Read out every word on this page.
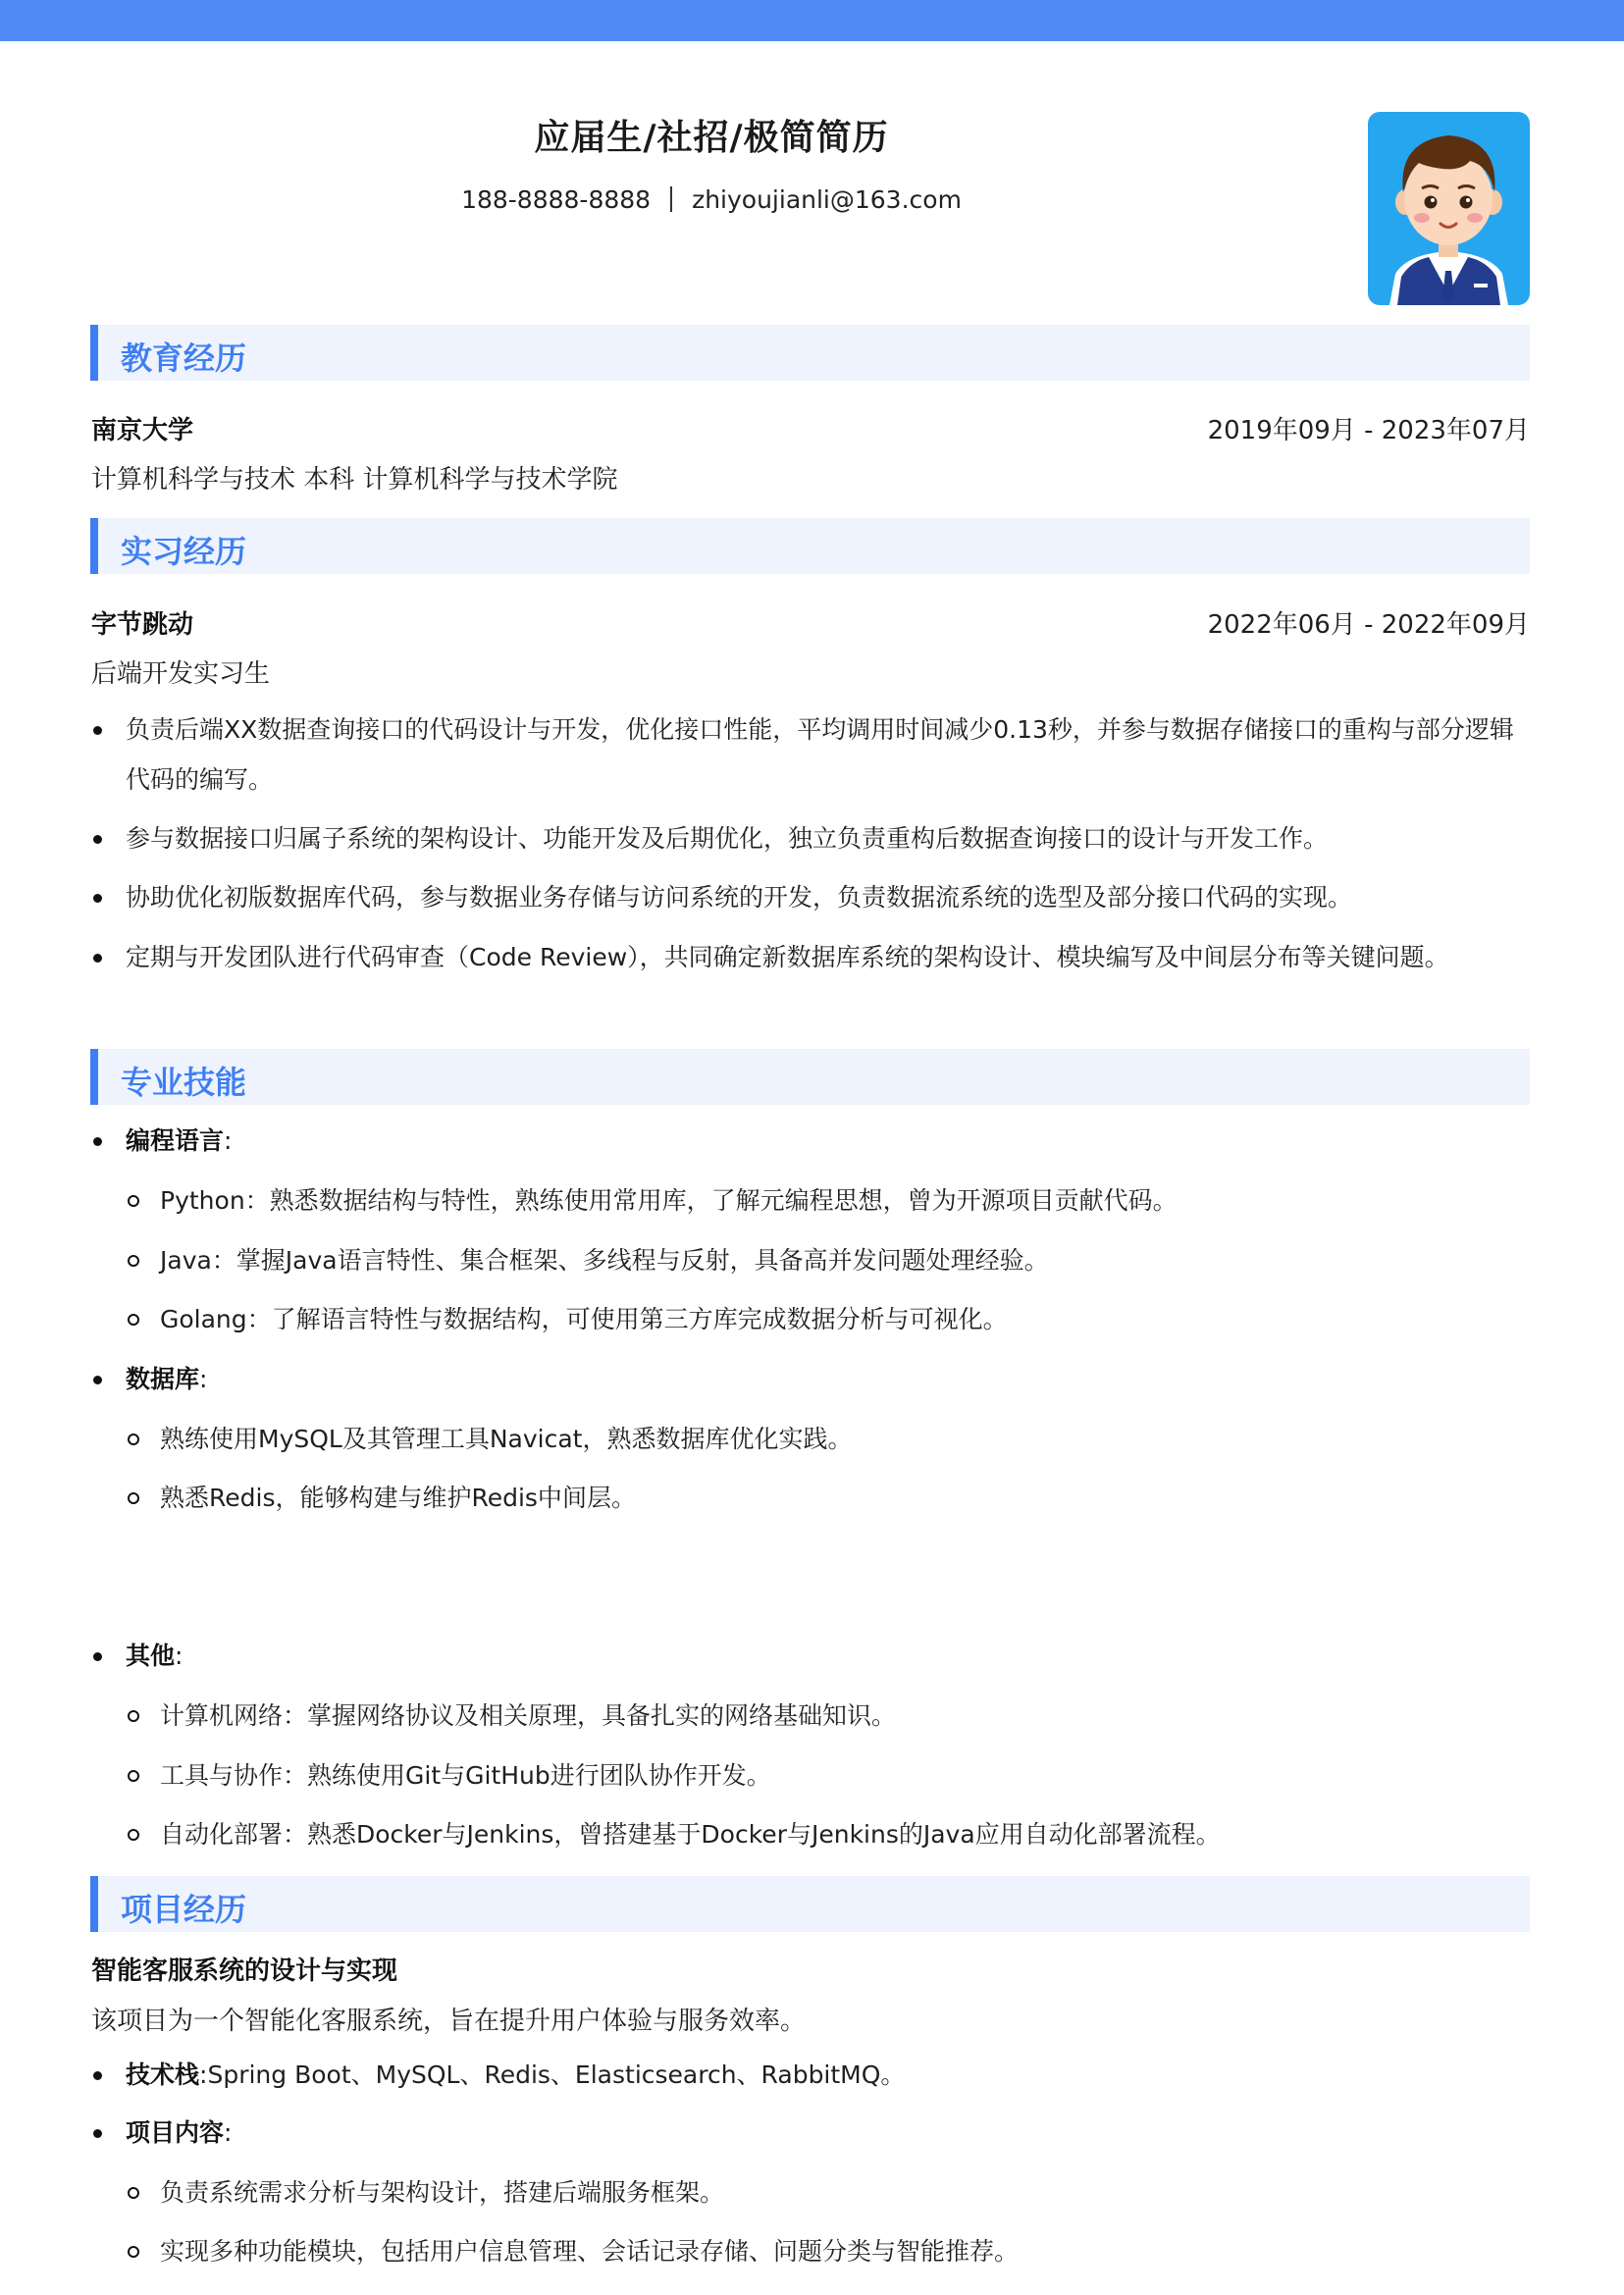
应届生/社招/极简简历
188-8888-8888 zhiyoujianli@163.com
教育经历
南京大学	2019年09月 - 2023年07月
计算机科学与技术 本科 计算机科学与技术学院
实习经历
字节跳动	2022年06月 - 2022年09月
后端开发实习生
负责后端XX数据查询接口的代码设计与开发，优化接口性能，平均调用时间减少0.13秒，并参与数据存储接口的重构与部分逻辑代码的编写。
参与数据接口归属子系统的架构设计、功能开发及后期优化，独立负责重构后数据查询接口的设计与开发工作。
协助优化初版数据库代码，参与数据业务存储与访问系统的开发，负责数据流系统的选型及部分接口代码的实现。
定期与开发团队进行代码审查（Code Review），共同确定新数据库系统的架构设计、模块编写及中间层分布等关键问题。
专业技能
编程语言:
Python：熟悉数据结构与特性，熟练使用常用库，了解元编程思想，曾为开源项目贡献代码。
Java：掌握Java语言特性、集合框架、多线程与反射，具备高并发问题处理经验。
Golang：了解语言特性与数据结构，可使用第三方库完成数据分析与可视化。
数据库:
熟练使用MySQL及其管理工具Navicat，熟悉数据库优化实践。
熟悉Redis，能够构建与维护Redis中间层。
其他:
计算机网络：掌握网络协议及相关原理，具备扎实的网络基础知识。
工具与协作：熟练使用Git与GitHub进行团队协作开发。
自动化部署：熟悉Docker与Jenkins，曾搭建基于Docker与Jenkins的Java应用自动化部署流程。
项目经历
智能客服系统的设计与实现
该项目为一个智能化客服系统，旨在提升用户体验与服务效率。
技术栈:Spring Boot、MySQL、Redis、Elasticsearch、RabbitMQ。
项目内容:
负责系统需求分析与架构设计，搭建后端服务框架。
实现多种功能模块，包括用户信息管理、会话记录存储、问题分类与智能推荐。
